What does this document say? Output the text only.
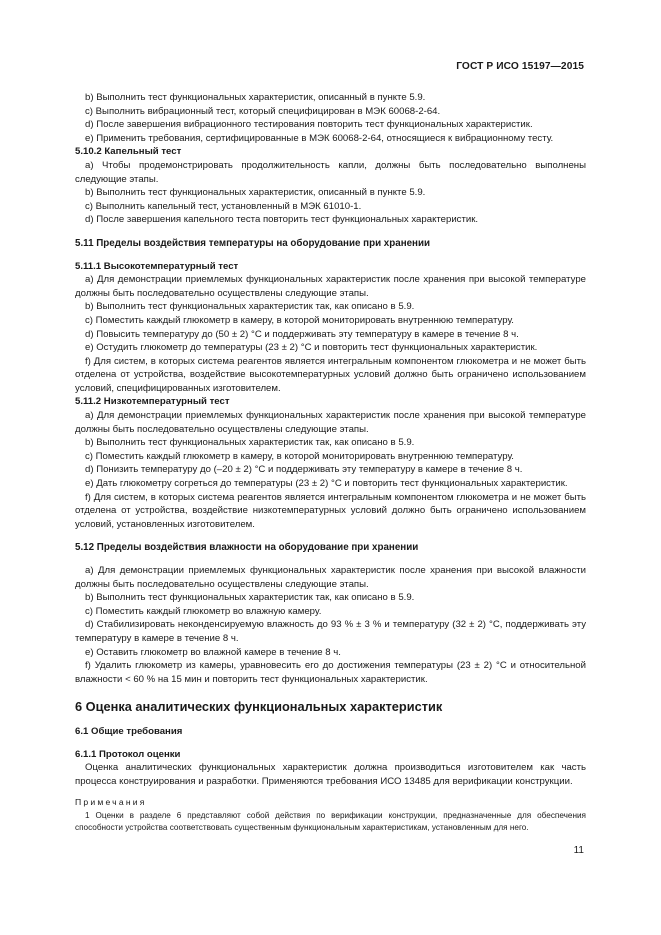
ГОСТ Р ИСО 15197—2015

b) Выполнить тест функциональных характеристик, описанный в пункте 5.9.

c) Выполнить вибрационный тест, который специфицирован в МЭК 60068-2-64.

d) После завершения вибрационного тестирования повторить тест функциональных характеристик.

e) Применить требования, сертифицированные в МЭК 60068-2-64, относящиеся к вибрационному тесту.

5.10.2 Капельный тест

a) Чтобы продемонстрировать продолжительность капли, должны быть последовательно выполнены следующие этапы.

b) Выполнить тест функциональных характеристик, описанный в пункте 5.9.

c) Выполнить капельный тест, установленный в МЭК 61010-1.

d) После завершения капельного теста повторить тест функциональных характеристик.

5.11 Пределы воздействия температуры на оборудование при хранении
5.11.1 Высокотемпературный тест

a) Для демонстрации приемлемых функциональных характеристик после хранения при высокой температуре должны быть последовательно осуществлены следующие этапы.

b) Выполнить тест функциональных характеристик так, как описано в 5.9.

c) Поместить каждый глюкометр в камеру, в которой мониторировать внутреннюю температуру.

d) Повысить температуру до (50 ± 2) °C и поддерживать эту температуру в камере в течение 8 ч.

e) Остудить глюкометр до температуры (23 ± 2) °C и повторить тест функциональных характеристик.

f) Для систем, в которых система реагентов является интегральным компонентом глюкометра и не может быть отделена от устройства, воздействие высокотемпературных условий должно быть ограничено использованием условий, специфицированных изготовителем.

5.11.2 Низкотемпературный тест

a) Для демонстрации приемлемых функциональных характеристик после хранения при высокой температуре должны быть последовательно осуществлены следующие этапы.

b) Выполнить тест функциональных характеристик так, как описано в 5.9.

c) Поместить каждый глюкометр в камеру, в которой мониторировать внутреннюю температуру.

d) Понизить температуру до (–20 ± 2) °C и поддерживать эту температуру в камере в течение 8 ч.

e) Дать глюкометру согреться до температуры (23 ± 2) °C и повторить тест функциональных характеристик.

f) Для систем, в которых система реагентов является интегральным компонентом глюкометра и не может быть отделена от устройства, воздействие низкотемпературных условий должно быть ограничено использованием условий, установленных изготовителем.

5.12 Пределы воздействия влажности на оборудование при хранении

a) Для демонстрации приемлемых функциональных характеристик после хранения при высокой влажности должны быть последовательно осуществлены следующие этапы.

b) Выполнить тест функциональных характеристик так, как описано в 5.9.

c) Поместить каждый глюкометр во влажную камеру.

d) Стабилизировать неконденсируемую влажность до 93 % ± 3 % и температуру (32 ± 2) °C, поддерживать эту температуру в камере в течение 8 ч.

e) Оставить глюкометр во влажной камере в течение 8 ч.

f) Удалить глюкометр из камеры, уравновесить его до достижения температуры (23 ± 2) °C и относительной влажности < 60 % на 15 мин и повторить тест функциональных характеристик.

6 Оценка аналитических функциональных характеристик
6.1 Общие требования
6.1.1 Протокол оценки

Оценка аналитических функциональных характеристик должна производиться изготовителем как часть процесса конструирования и разработки. Применяются требования ИСО 13485 для верификации конструкции.

Примечания

1 Оценки в разделе 6 представляют собой действия по верификации конструкции, предназначенные для обеспечения способности устройства соответствовать существенным функциональным характеристикам, установленным для него.

11
